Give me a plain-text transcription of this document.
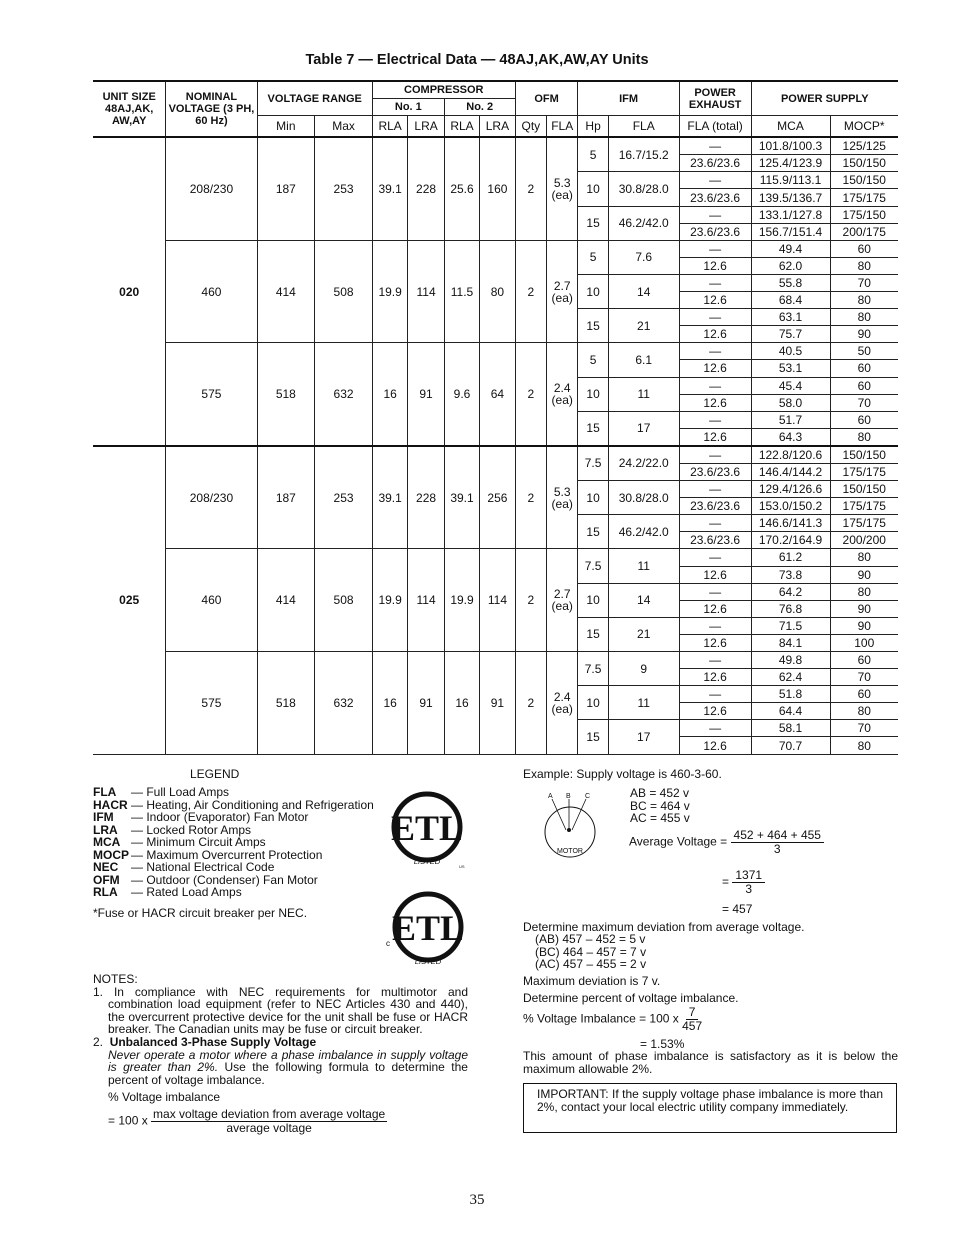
Table 7 — Electrical Data — 48AJ,AK,AW,AY Units
UNIT SIZE 48AJ,AK, AW,AY	NOMINAL VOLTAGE (3 PH, 60 Hz)	VOLTAGE RANGE		COMPRESSOR				OFM		IFM		POWER EXHAUST	POWER SUPPLY	
				No. 1		No. 2								
		Min	Max	RLA	LRA	RLA	LRA	Qty	FLA	Hp	FLA	FLA (total)	MCA	MOCP*
020	208/230	187	253	39.1	228	25.6	160	2	5.3 (ea)	5	16.7/15.2	—	101.8/100.3	125/125
												23.6/23.6	125.4/123.9	150/150
										10	30.8/28.0	—	115.9/113.1	150/150
												23.6/23.6	139.5/136.7	175/175
										15	46.2/42.0	—	133.1/127.8	175/150
												23.6/23.6	156.7/151.4	200/175
	460	414	508	19.9	114	11.5	80	2	2.7 (ea)	5	7.6	—	49.4	60
												12.6	62.0	80
										10	14	—	55.8	70
												12.6	68.4	80
										15	21	—	63.1	80
												12.6	75.7	90
	575	518	632	16	91	9.6	64	2	2.4 (ea)	5	6.1	—	40.5	50
												12.6	53.1	60
										10	11	—	45.4	60
												12.6	58.0	70
										15	17	—	51.7	60
												12.6	64.3	80
025	208/230	187	253	39.1	228	39.1	256	2	5.3 (ea)	7.5	24.2/22.0	—	122.8/120.6	150/150
												23.6/23.6	146.4/144.2	175/175
										10	30.8/28.0	—	129.4/126.6	150/150
												23.6/23.6	153.0/150.2	175/175
										15	46.2/42.0	—	146.6/141.3	175/175
												23.6/23.6	170.2/164.9	200/200
	460	414	508	19.9	114	19.9	114	2	2.7 (ea)	7.5	11	—	61.2	80
												12.6	73.8	90
										10	14	—	64.2	80
												12.6	76.8	90
										15	21	—	71.5	90
												12.6	84.1	100
	575	518	632	16	91	16	91	2	2.4 (ea)	7.5	9	—	49.8	60
												12.6	62.4	70
										10	11	—	51.8	60
												12.6	64.4	80
										15	17	—	58.1	70
												12.6	70.7	80
LEGEND
FLA	— Full Load Amps
HACR — Heating, Air Conditioning and Refrigeration
IFM	— Indoor (Evaporator) Fan Motor
LRA	— Locked Rotor Amps
MCA — Minimum Circuit Amps
MOCP — Maximum Overcurrent Protection
NEC	— National Electrical Code
OFM — Outdoor (Condenser) Fan Motor
RLA	— Rated Load Amps
*Fuse or HACR circuit breaker per NEC.
ETL
LISTED
US
ETL
LISTED
c

NOTES:

1. In compliance with NEC requirements for multimotor and combination load equipment (refer to NEC Articles 430 and 440), the overcurrent protective device for the unit shall be fuse or HACR breaker. The Canadian units may be fuse or circuit breaker.

2. Unbalanced 3-Phase Supply Voltage

Never operate a motor where a phase imbalance in supply voltage is greater than 2%. Use the following formula to determine the percent of voltage imbalance.

% Voltage imbalance

= 100 x $\frac{\text{max voltage deviation from average voltage}}{\text{average voltage}}$

Example: Supply voltage is 460-3-60.
A B C
MOTOR
AB = 452 v
BC = 464 v
AC = 455 v
Average Voltage = $\frac{452 + 464 + 455}{3}$
= $\frac{1371}{3}$
= 457
Determine maximum deviation from average voltage.
(AB) 457 – 452 = 5 v
(BC) 464 – 457 = 7 v
(AC) 457 – 455 = 2 v
Maximum deviation is 7 v.
Determine percent of voltage imbalance.
% Voltage Imbalance = 100 x $\frac{7}{457}$
= 1.53%
This amount of phase imbalance is satisfactory as it is below the maximum allowable 2%.
IMPORTANT: If the supply voltage phase imbalance is more than 2%, contact your local electric utility company immediately.
35
